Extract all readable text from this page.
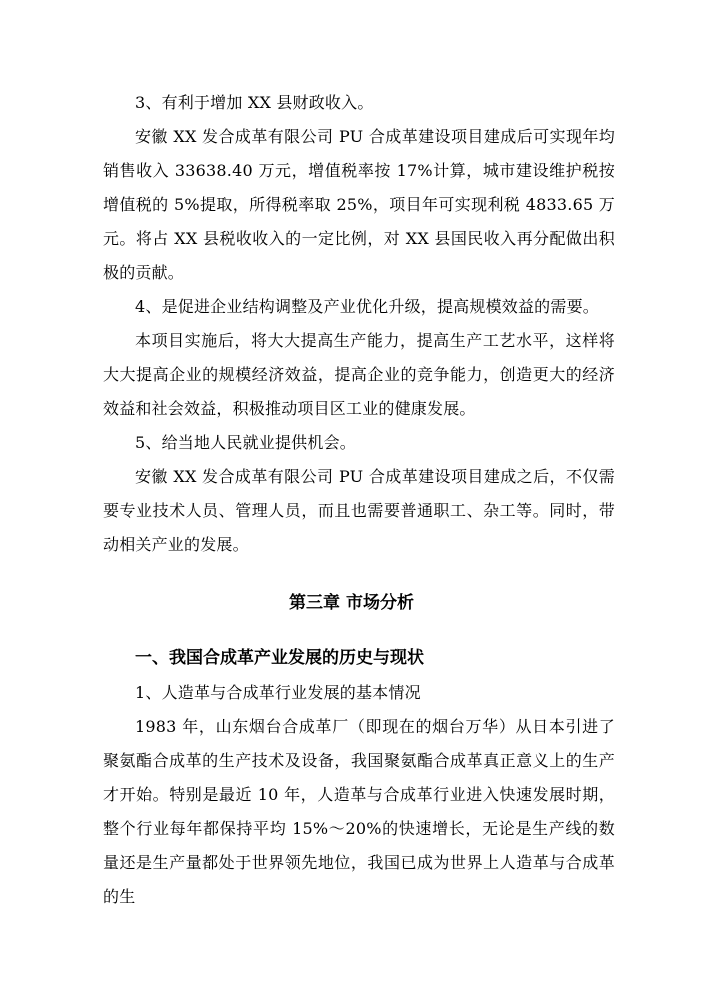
3、有利于增加 XX 县财政收入。

安徽 XX 发合成革有限公司 PU 合成革建设项目建成后可实现年均销售收入 33638.40 万元，增值税率按 17%计算，城市建设维护税按增值税的 5%提取，所得税率取 25%，项目年可实现利税 4833.65 万元。将占 XX 县税收收入的一定比例，对 XX 县国民收入再分配做出积极的贡献。

4、是促进企业结构调整及产业优化升级，提高规模效益的需要。

本项目实施后，将大大提高生产能力，提高生产工艺水平，这样将大大提高企业的规模经济效益，提高企业的竞争能力，创造更大的经济效益和社会效益，积极推动项目区工业的健康发展。

5、给当地人民就业提供机会。

安徽 XX 发合成革有限公司 PU 合成革建设项目建成之后，不仅需要专业技术人员、管理人员，而且也需要普通职工、杂工等。同时，带动相关产业的发展。

第三章 市场分析
一、我国合成革产业发展的历史与现状

1、人造革与合成革行业发展的基本情况

1983 年，山东烟台合成革厂（即现在的烟台万华）从日本引进了聚氨酯合成革的生产技术及设备，我国聚氨酯合成革真正意义上的生产才开始。特别是最近 10 年，人造革与合成革行业进入快速发展时期，整个行业每年都保持平均 15%～20%的快速增长，无论是生产线的数量还是生产量都处于世界领先地位，我国已成为世界上人造革与合成革的生
